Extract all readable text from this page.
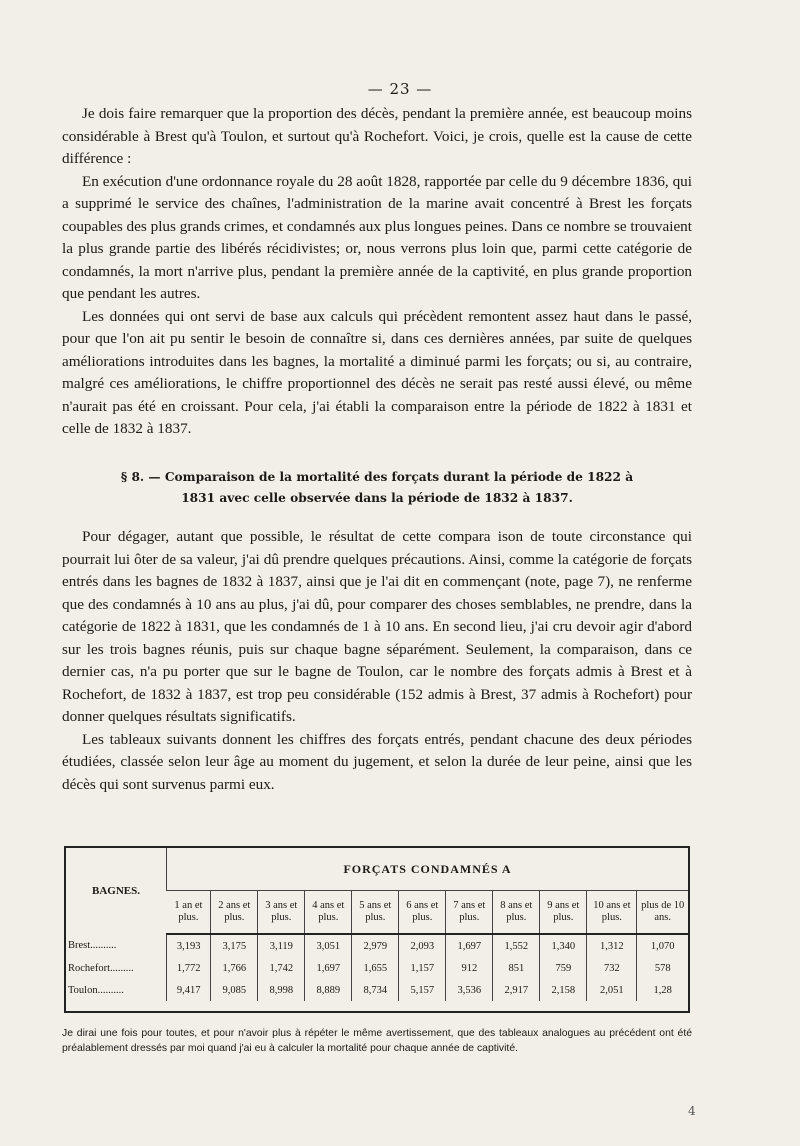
— 23 —

Je dois faire remarquer que la proportion des décès, pendant la première année, est beaucoup moins considérable à Brest qu'à Toulon, et surtout qu'à Rochefort. Voici, je crois, quelle est la cause de cette différence :

En exécution d'une ordonnance royale du 28 août 1828, rapportée par celle du 9 décembre 1836, qui a supprimé le service des chaînes, l'administration de la marine avait concentré à Brest les forçats coupables des plus grands crimes, et condamnés aux plus longues peines. Dans ce nombre se trouvaient la plus grande partie des libérés récidivistes; or, nous verrons plus loin que, parmi cette catégorie de condamnés, la mort n'arrive plus, pendant la première année de la captivité, en plus grande proportion que pendant les autres.

Les données qui ont servi de base aux calculs qui précèdent remontent assez haut dans le passé, pour que l'on ait pu sentir le besoin de connaître si, dans ces dernières années, par suite de quelques améliorations introduites dans les bagnes, la mortalité a diminué parmi les forçats; ou si, au contraire, malgré ces améliorations, le chiffre proportionnel des décès ne serait pas resté aussi élevé, ou même n'aurait pas été en croissant. Pour cela, j'ai établi la comparaison entre la période de 1822 à 1831 et celle de 1832 à 1837.

§ 8. — Comparaison de la mortalité des forçats durant la période de 1822 à
1831 avec celle observée dans la période de 1832 à 1837.

Pour dégager, autant que possible, le résultat de cette compara ison de toute circonstance qui pourrait lui ôter de sa valeur, j'ai dû prendre quelques précautions. Ainsi, comme la catégorie de forçats entrés dans les bagnes de 1832 à 1837, ainsi que je l'ai dit en commençant (note, page 7), ne renferme que des condamnés à 10 ans au plus, j'ai dû, pour comparer des choses semblables, ne prendre, dans la catégorie de 1822 à 1831, que les condamnés de 1 à 10 ans. En second lieu, j'ai cru devoir agir d'abord sur les trois bagnes réunis, puis sur chaque bagne séparément. Seulement, la comparaison, dans ce dernier cas, n'a pu porter que sur le bagne de Toulon, car le nombre des forçats admis à Brest et à Rochefort, de 1832 à 1837, est trop peu considérable (152 admis à Brest, 37 admis à Rochefort) pour donner quelques résultats significatifs.

Les tableaux suivants donnent les chiffres des forçats entrés, pendant chacune des deux périodes étudiées, classée selon leur âge au moment du jugement, et selon la durée de leur peine, ainsi que les décès qui sont survenus parmi eux.

BAGNES.	FORÇATS CONDAMNÉS A										
	1 an et plus.	2 ans et plus.	3 ans et plus.	4 ans et plus.	5 ans et plus.	6 ans et plus.	7 ans et plus.	8 ans et plus.	9 ans et plus.	10 ans et plus.	plus de 10 ans.
Brest..........	3,193	3,175	3,119	3,051	2,979	2,093	1,697	1,552	1,340	1,312	1,070
Rochefort.........	1,772	1,766	1,742	1,697	1,655	1,157	912	851	759	732	578
Toulon..........	9,417	9,085	8,998	8,889	8,734	5,157	3,536	2,917	2,158	2,051	1,28
Je dirai une fois pour toutes, et pour n'avoir plus à répéter le même avertissement, que des tableaux analogues au précédent ont été préalablement dressés par moi quand j'ai eu à calculer la mortalité pour chaque année de captivité.
4
